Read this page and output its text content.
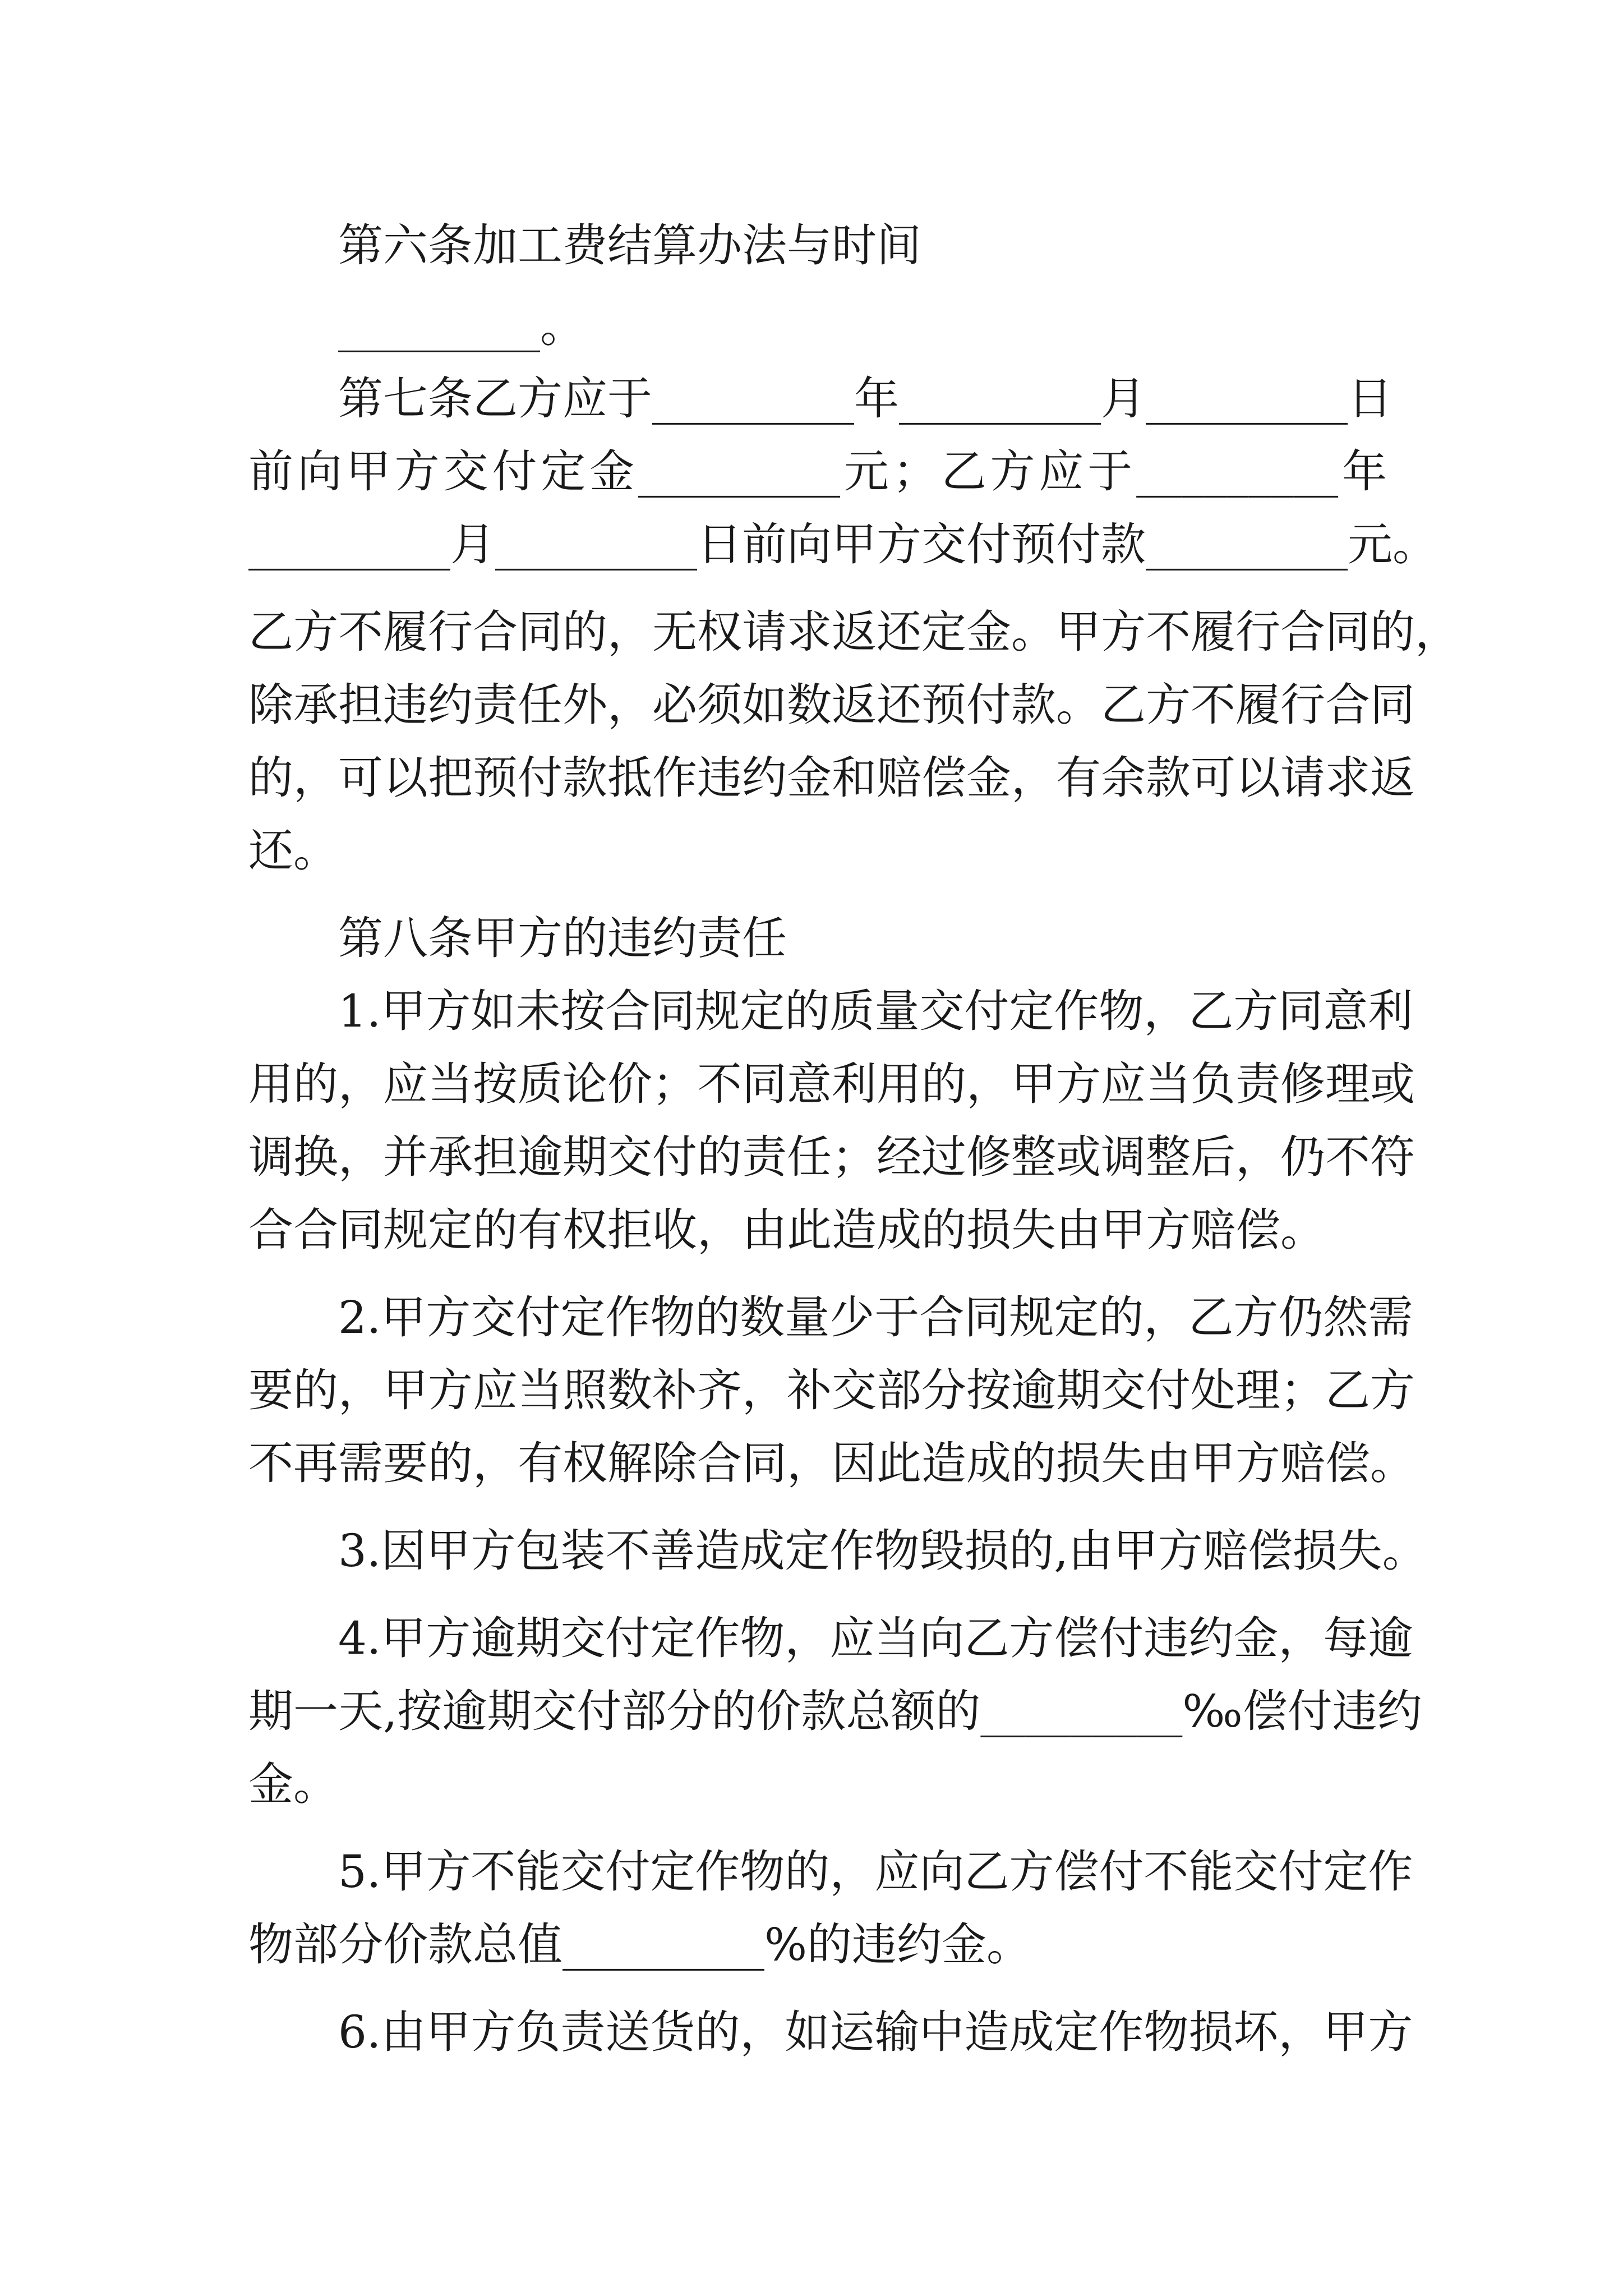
第六条加工费结算办法与时间
_________。
第七条乙方应于_________年_________月_________日
前向甲方交付定金_________元；乙方应于_________年
_________月_________日前向甲方交付预付款_________元。
乙方不履行合同的，无权请求返还定金。甲方不履行合同的，
除承担违约责任外，必须如数返还预付款。乙方不履行合同
的，可以把预付款抵作违约金和赔偿金，有余款可以请求返
还。
第八条甲方的违约责任
1.甲方如未按合同规定的质量交付定作物，乙方同意利
用的，应当按质论价；不同意利用的，甲方应当负责修理或
调换，并承担逾期交付的责任；经过修整或调整后，仍不符
合合同规定的有权拒收，由此造成的损失由甲方赔偿。
2.甲方交付定作物的数量少于合同规定的，乙方仍然需
要的，甲方应当照数补齐，补交部分按逾期交付处理；乙方
不再需要的，有权解除合同，因此造成的损失由甲方赔偿。
3.因甲方包装不善造成定作物毁损的,由甲方赔偿损失。
4.甲方逾期交付定作物，应当向乙方偿付违约金，每逾
期一天,按逾期交付部分的价款总额的_________‰偿付违约
金。
5.甲方不能交付定作物的，应向乙方偿付不能交付定作
物部分价款总值_________%的违约金。
6.由甲方负责送货的，如运输中造成定作物损坏，甲方
